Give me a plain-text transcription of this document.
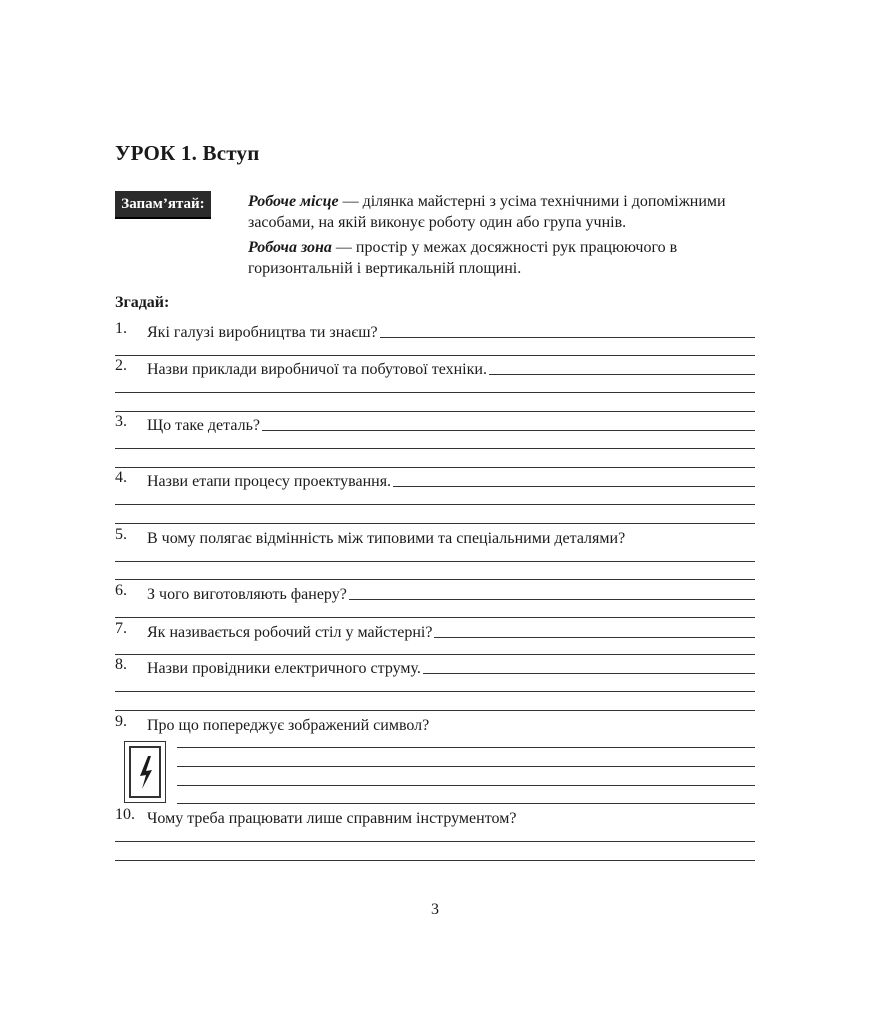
УРОК 1. Вступ
Запам’ятай:	Робоче місце — ділянка майстерні з усіма технічними і допоміжними засобами, на якій виконує роботу один або група учнів.
Робоча зона — простір у межах досяжності рук працюючого в горизонтальній і вертикальній площині.
Згадай:
1. Які галузі виробництва ти знаєш?
2. Назви приклади виробничої та побутової техніки.
3. Що таке деталь?
4. Назви етапи процесу проектування.
5. В чому полягає відмінність між типовими та спеціальними деталями?
6. З чого виготовляють фанеру?
7. Як називається робочий стіл у майстерні?
8. Назви провідники електричного струму.
9. Про що попереджує зображений символ?
10. Чому треба працювати лише справним інструментом?
3
